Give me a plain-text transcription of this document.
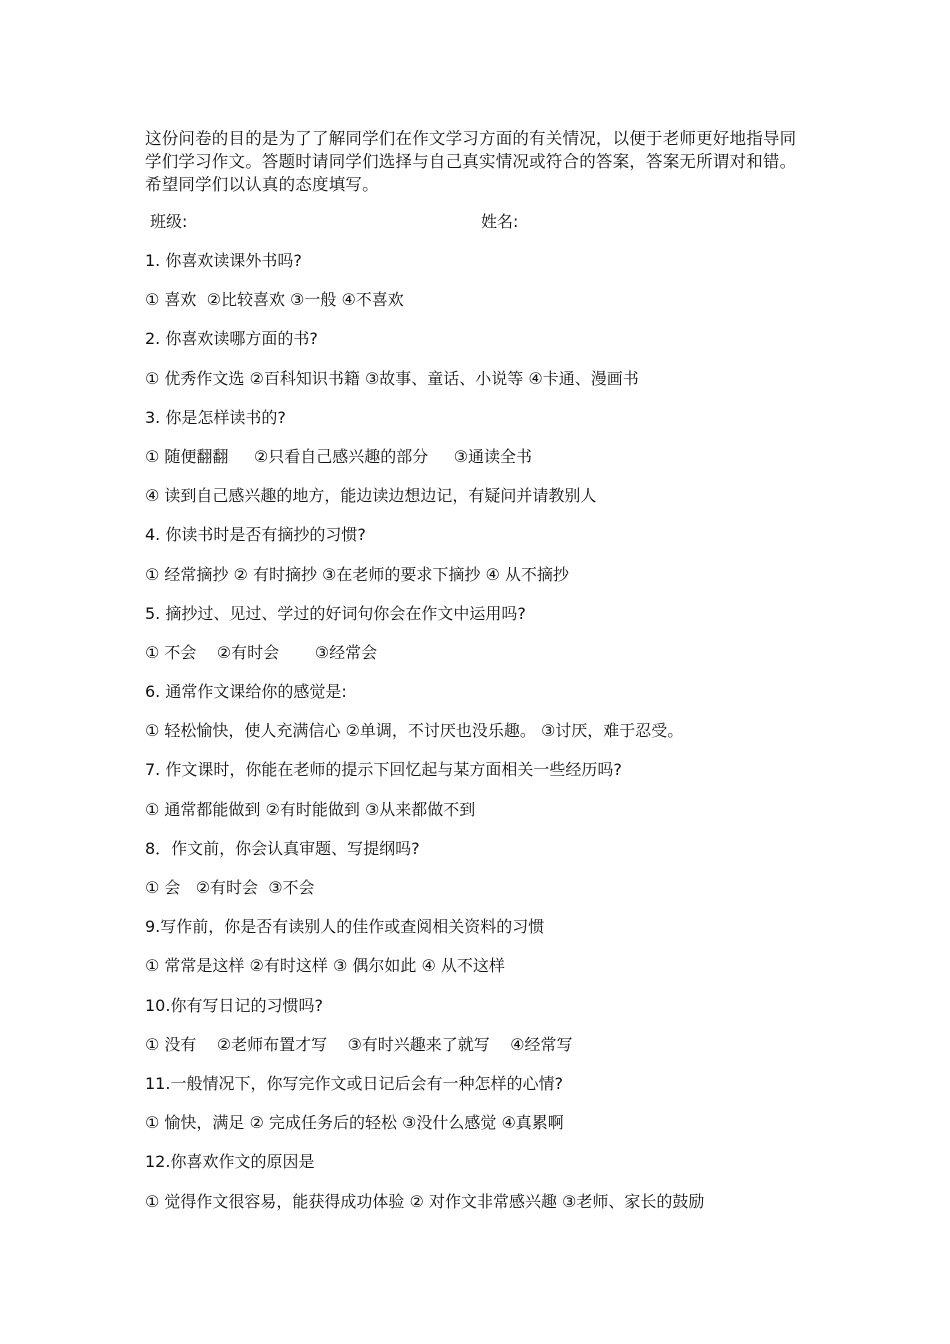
这份问卷的目的是为了了解同学们在作文学习方面的有关情况，以便于老师更好地指导同学们学习作文。答题时请同学们选择与自己真实情况或符合的答案，答案无所谓对和错。希望同学们以认真的态度填写。

班级:	姓名:
1. 你喜欢读课外书吗?
① 喜欢  ②比较喜欢 ③一般 ④不喜欢
2. 你喜欢读哪方面的书?
① 优秀作文选 ②百科知识书籍 ③故事、童话、小说等 ④卡通、漫画书
3. 你是怎样读书的?
① 随便翻翻     ②只看自己感兴趣的部分     ③通读全书
④ 读到自己感兴趣的地方，能边读边想边记，有疑问并请教别人
4. 你读书时是否有摘抄的习惯?
① 经常摘抄 ② 有时摘抄 ③在老师的要求下摘抄 ④ 从不摘抄
5. 摘抄过、见过、学过的好词句你会在作文中运用吗?
① 不会    ②有时会       ③经常会
6. 通常作文课给你的感觉是:
① 轻松愉快，使人充满信心 ②单调，不讨厌也没乐趣。 ③讨厌，难于忍受。
7. 作文课时，你能在老师的提示下回忆起与某方面相关一些经历吗?
① 通常都能做到 ②有时能做到 ③从来都做不到
8．作文前，你会认真审题、写提纲吗?
① 会   ②有时会  ③不会
9.写作前，你是否有读别人的佳作或查阅相关资料的习惯
① 常常是这样 ②有时这样 ③ 偶尔如此 ④ 从不这样
10.你有写日记的习惯吗?
① 没有    ②老师布置才写    ③有时兴趣来了就写    ④经常写
11.一般情况下，你写完作文或日记后会有一种怎样的心情?
① 愉快，满足 ② 完成任务后的轻松 ③没什么感觉 ④真累啊
12.你喜欢作文的原因是
① 觉得作文很容易，能获得成功体验 ② 对作文非常感兴趣 ③老师、家长的鼓励
